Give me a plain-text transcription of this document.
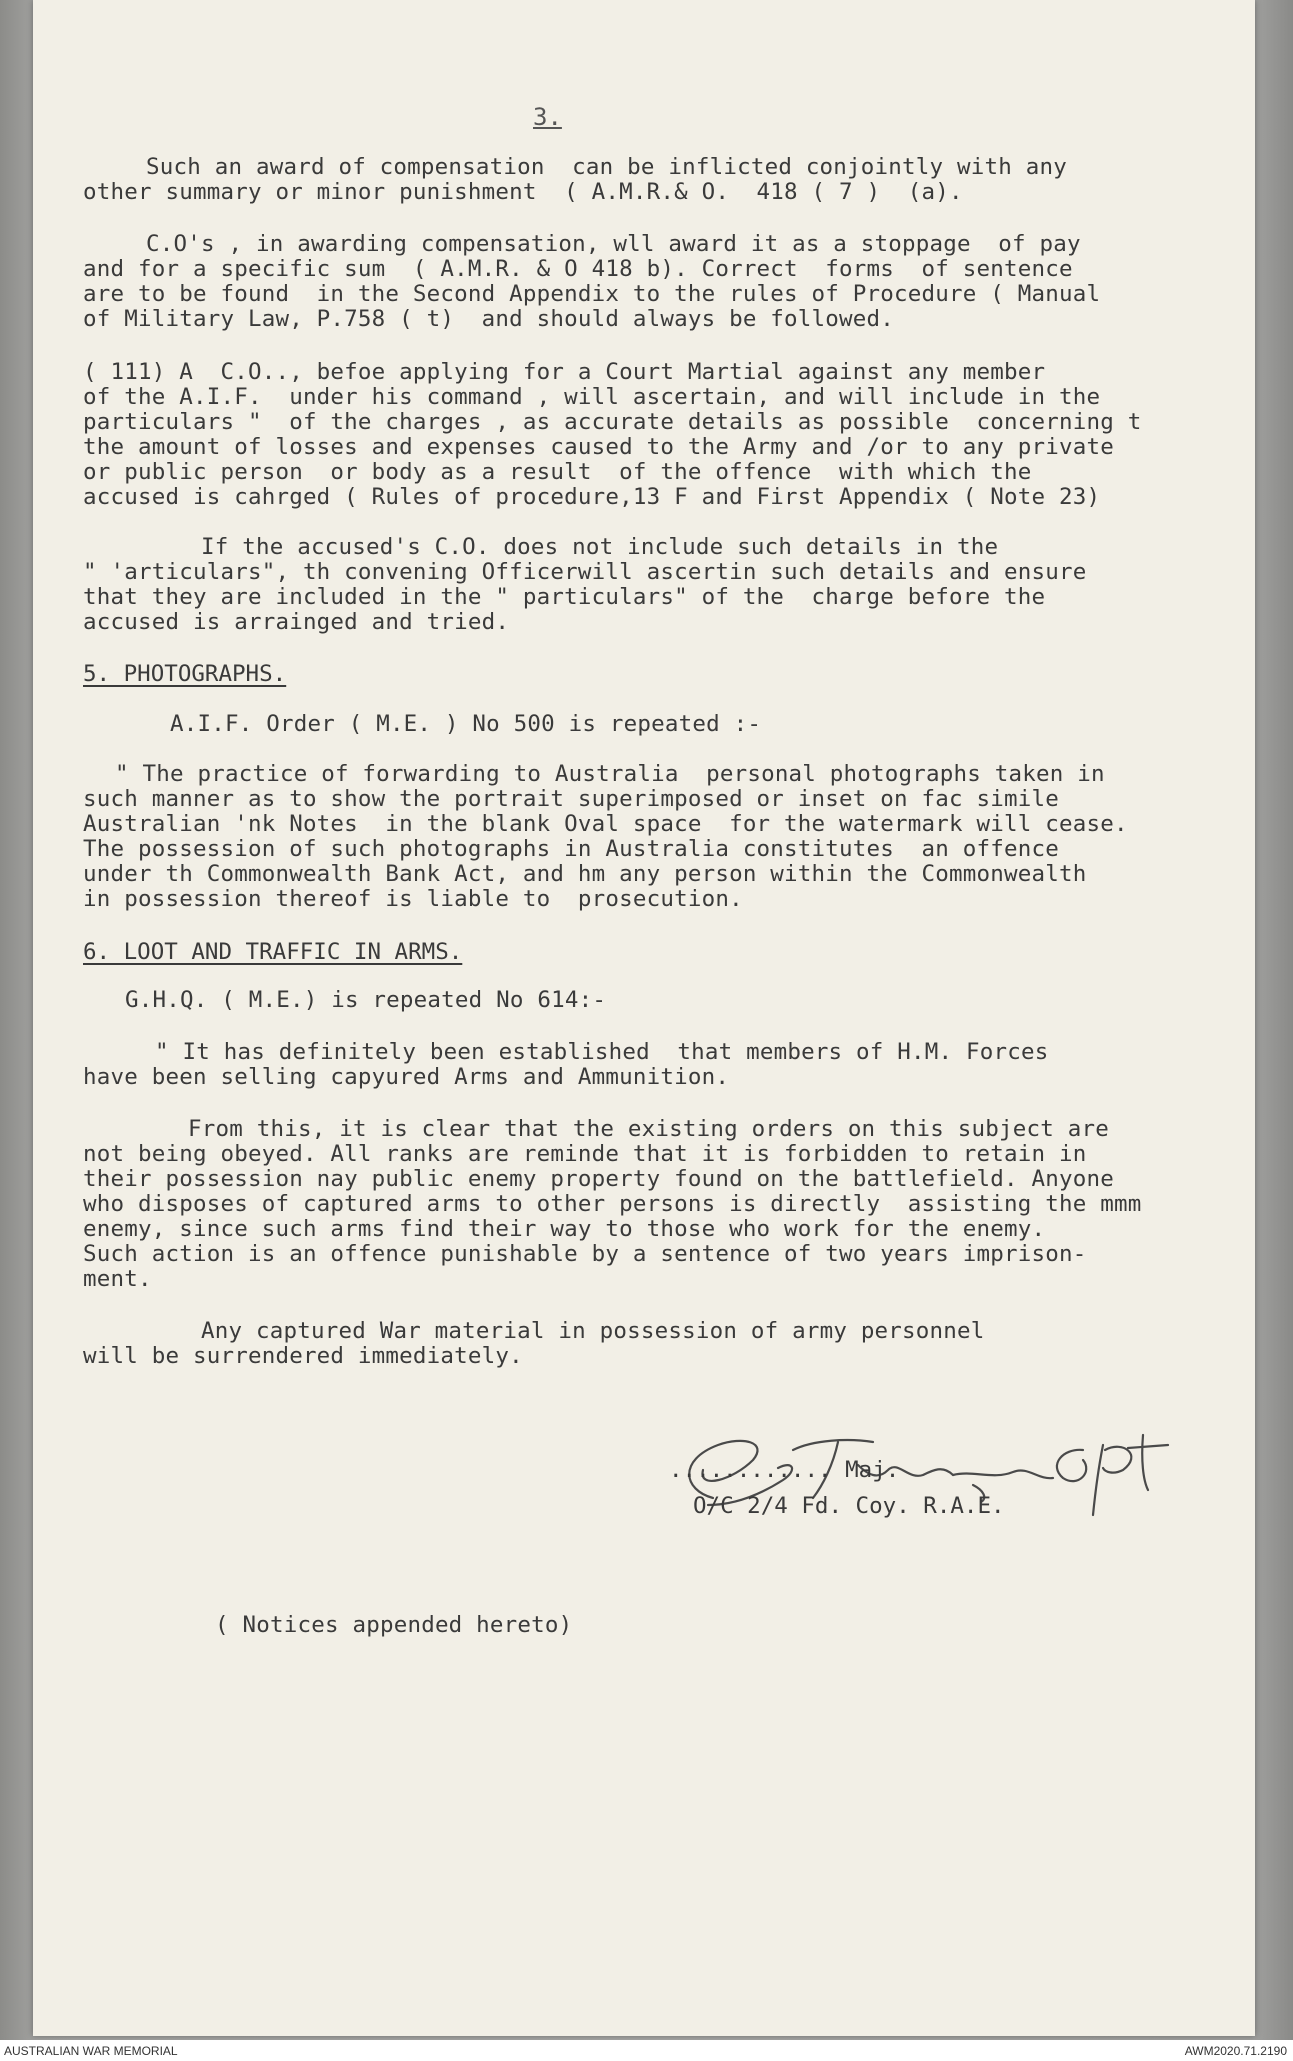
3.
Such an award of compensation  can be inflicted conjointly with any
other summary or minor punishment  ( A.M.R.& O.  418 ( 7 )  (a).
C.O's , in awarding compensation, wll award it as a stoppage  of pay
and for a specific sum  ( A.M.R. & O 418 b). Correct  forms  of sentence
are to be found  in the Second Appendix to the rules of Procedure ( Manual
of Military Law, P.758 ( t)  and should always be followed.
( 111) A  C.O.., befoe applying for a Court Martial against any member
of the A.I.F.  under his command , will ascertain, and will include in the
particulars "  of the charges , as accurate details as possible  concerning t
the amount of losses and expenses caused to the Army and /or to any private
or public person  or body as a result  of the offence  with which the
accused is cahrged ( Rules of procedure,13 F and First Appendix ( Note 23)
If the accused's C.O. does not include such details in the
" 'articulars", th convening Officerwill ascertin such details and ensure
that they are included in the " particulars" of the  charge before the
accused is arrainged and tried.
5. PHOTOGRAPHS.
A.I.F. Order ( M.E. ) No 500 is repeated :-
" The practice of forwarding to Australia  personal photographs taken in
such manner as to show the portrait superimposed or inset on fac simile
Australian 'nk Notes  in the blank Oval space  for the watermark will cease.
The possession of such photographs in Australia constitutes  an offence
under th Commonwealth Bank Act, and hm any person within the Commonwealth
in possession thereof is liable to  prosecution.
6. LOOT AND TRAFFIC IN ARMS.
G.H.Q. ( M.E.) is repeated No 614:-
" It has definitely been established  that members of H.M. Forces
have been selling capyured Arms and Ammunition.
From this, it is clear that the existing orders on this subject are
not being obeyed. All ranks are reminde that it is forbidden to retain in
their possession nay public enemy property found on the battlefield. Anyone
who disposes of captured arms to other persons is directly  assisting the mmm
enemy, since such arms find their way to those who work for the enemy.
Such action is an offence punishable by a sentence of two years imprison-
ment.
Any captured War material in possession of army personnel
will be surrendered immediately.
............ Maj.
O/C 2/4 Fd. Coy. R.A.E.
( Notices appended hereto)
AUSTRALIAN WAR MEMORIAL	AWM2020.71.2190
